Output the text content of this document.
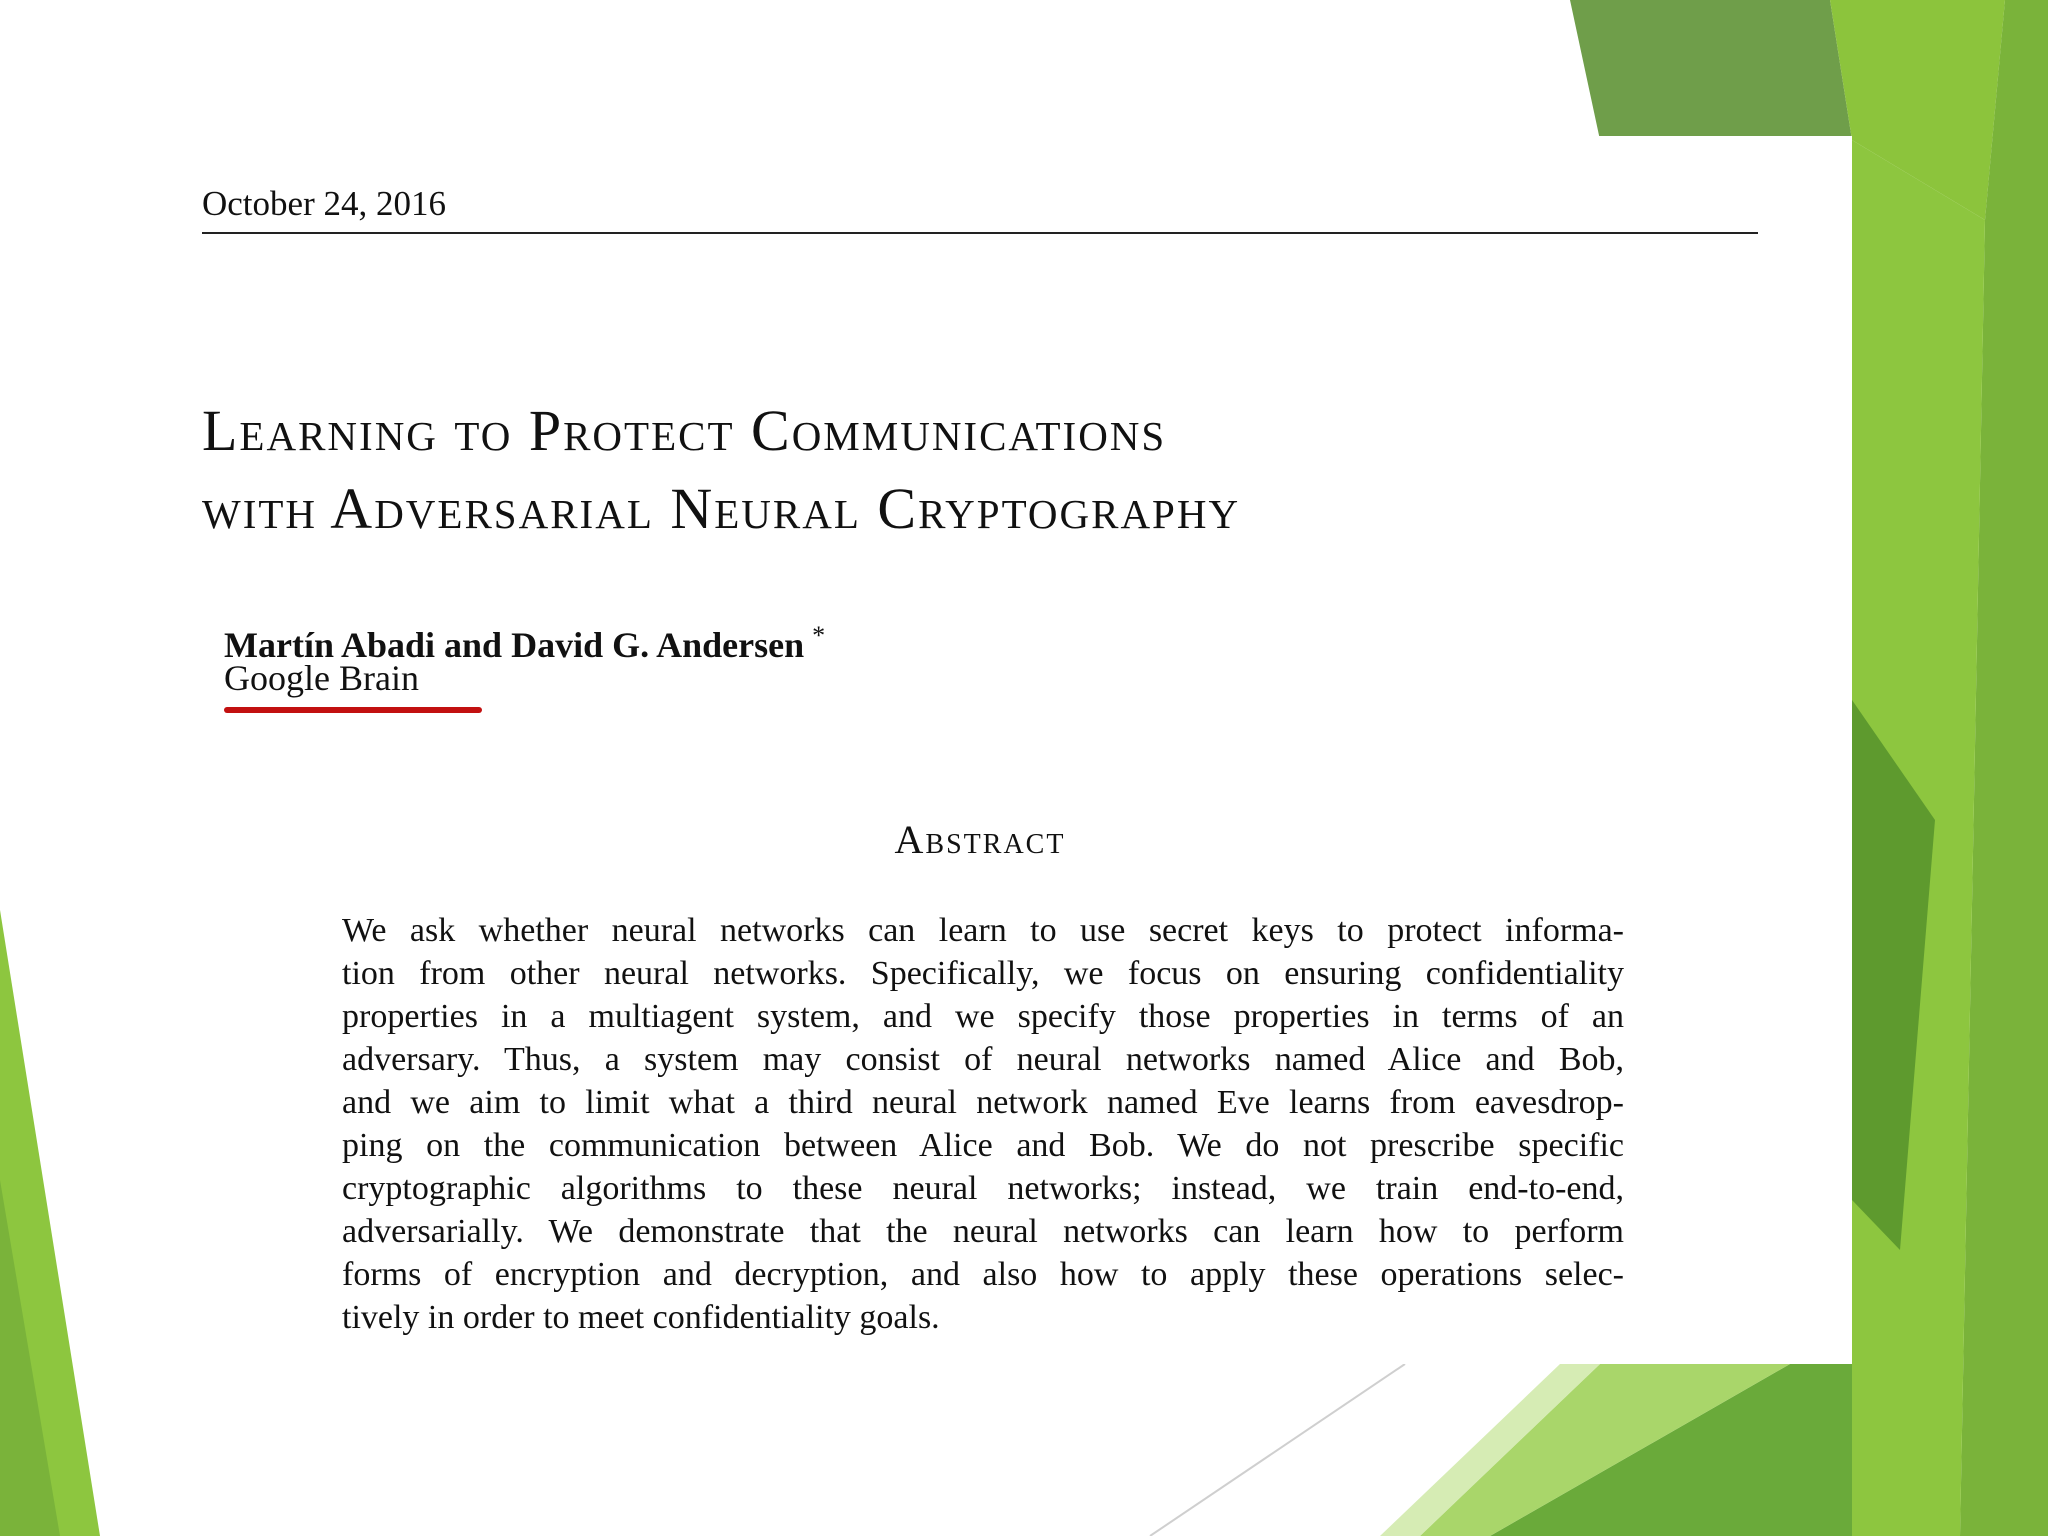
October 24, 2016
Learning to Protect Communications
with Adversarial Neural Cryptography
Martín Abadi and David G. Andersen *
Google Brain
Abstract
We ask whether neural networks can learn to use secret keys to protect informa-
tion from other neural networks. Specifically, we focus on ensuring confidentiality
properties in a multiagent system, and we specify those properties in terms of an
adversary. Thus, a system may consist of neural networks named Alice and Bob,
and we aim to limit what a third neural network named Eve learns from eavesdrop-
ping on the communication between Alice and Bob. We do not prescribe specific
cryptographic algorithms to these neural networks; instead, we train end-to-end,
adversarially. We demonstrate that the neural networks can learn how to perform
forms of encryption and decryption, and also how to apply these operations selec-
tively in order to meet confidentiality goals.
